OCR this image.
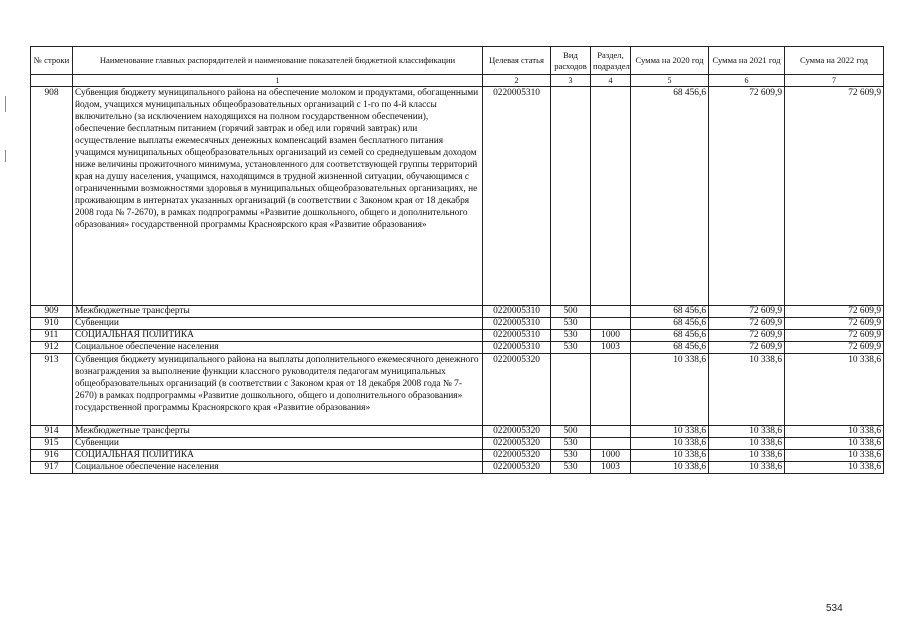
№ строки	Наименование главных распорядителей и наименование показателей бюджетной классификации	Целевая статья	Вид расходов	Раздел, подраздел	Сумма на 2020 год	Сумма на 2021 год	Сумма на 2022 год
	1	2	3	4	5	6	7
908	Субвенция бюджету муниципального района на обеспечение молоком и продуктами, обогащенными йодом, учащихся муниципальных общеобразовательных организаций с 1-го по 4-й классы включительно (за исключением находящихся на полном государственном обеспечении), обеспечение бесплатным питанием (горячий завтрак и обед или горячий завтрак) или осуществление выплаты ежемесячных денежных компенсаций взамен бесплатного питания учащимся муниципальных общеобразовательных организаций из семей со среднедушевым доходом ниже величины прожиточного минимума, установленного для соответствующей группы территорий края на душу населения, учащимся, находящимся в трудной жизненной ситуации, обучающимся с ограниченными возможностями здоровья в муниципальных общеобразовательных организациях, не проживающим в интернатах указанных организаций (в соответствии с Законом края от 18 декабря 2008 года № 7-2670), в рамках подпрограммы «Развитие дошкольного, общего и дополнительного образования» государственной программы Красноярского края «Развитие образования»	0220005310			68 456,6	72 609,9	72 609,9
909	Межбюджетные трансферты	0220005310	500		68 456,6	72 609,9	72 609,9
910	Субвенции	0220005310	530		68 456,6	72 609,9	72 609,9
911	СОЦИАЛЬНАЯ ПОЛИТИКА	0220005310	530	1000	68 456,6	72 609,9	72 609,9
912	Социальное обеспечение населения	0220005310	530	1003	68 456,6	72 609,9	72 609,9
913	Субвенция бюджету муниципального района на выплаты дополнительного ежемесячного денежного вознаграждения за выполнение функции классного руководителя педагогам муниципальных общеобразовательных организаций (в соответствии с Законом края от 18 декабря 2008 года № 7-2670) в рамках подпрограммы «Развитие дошкольного, общего и дополнительного образования» государственной программы Красноярского края «Развитие образования»	0220005320			10 338,6	10 338,6	10 338,6
914	Межбюджетные трансферты	0220005320	500		10 338,6	10 338,6	10 338,6
915	Субвенции	0220005320	530		10 338,6	10 338,6	10 338,6
916	СОЦИАЛЬНАЯ ПОЛИТИКА	0220005320	530	1000	10 338,6	10 338,6	10 338,6
917	Социальное обеспечение населения	0220005320	530	1003	10 338,6	10 338,6	10 338,6
534
